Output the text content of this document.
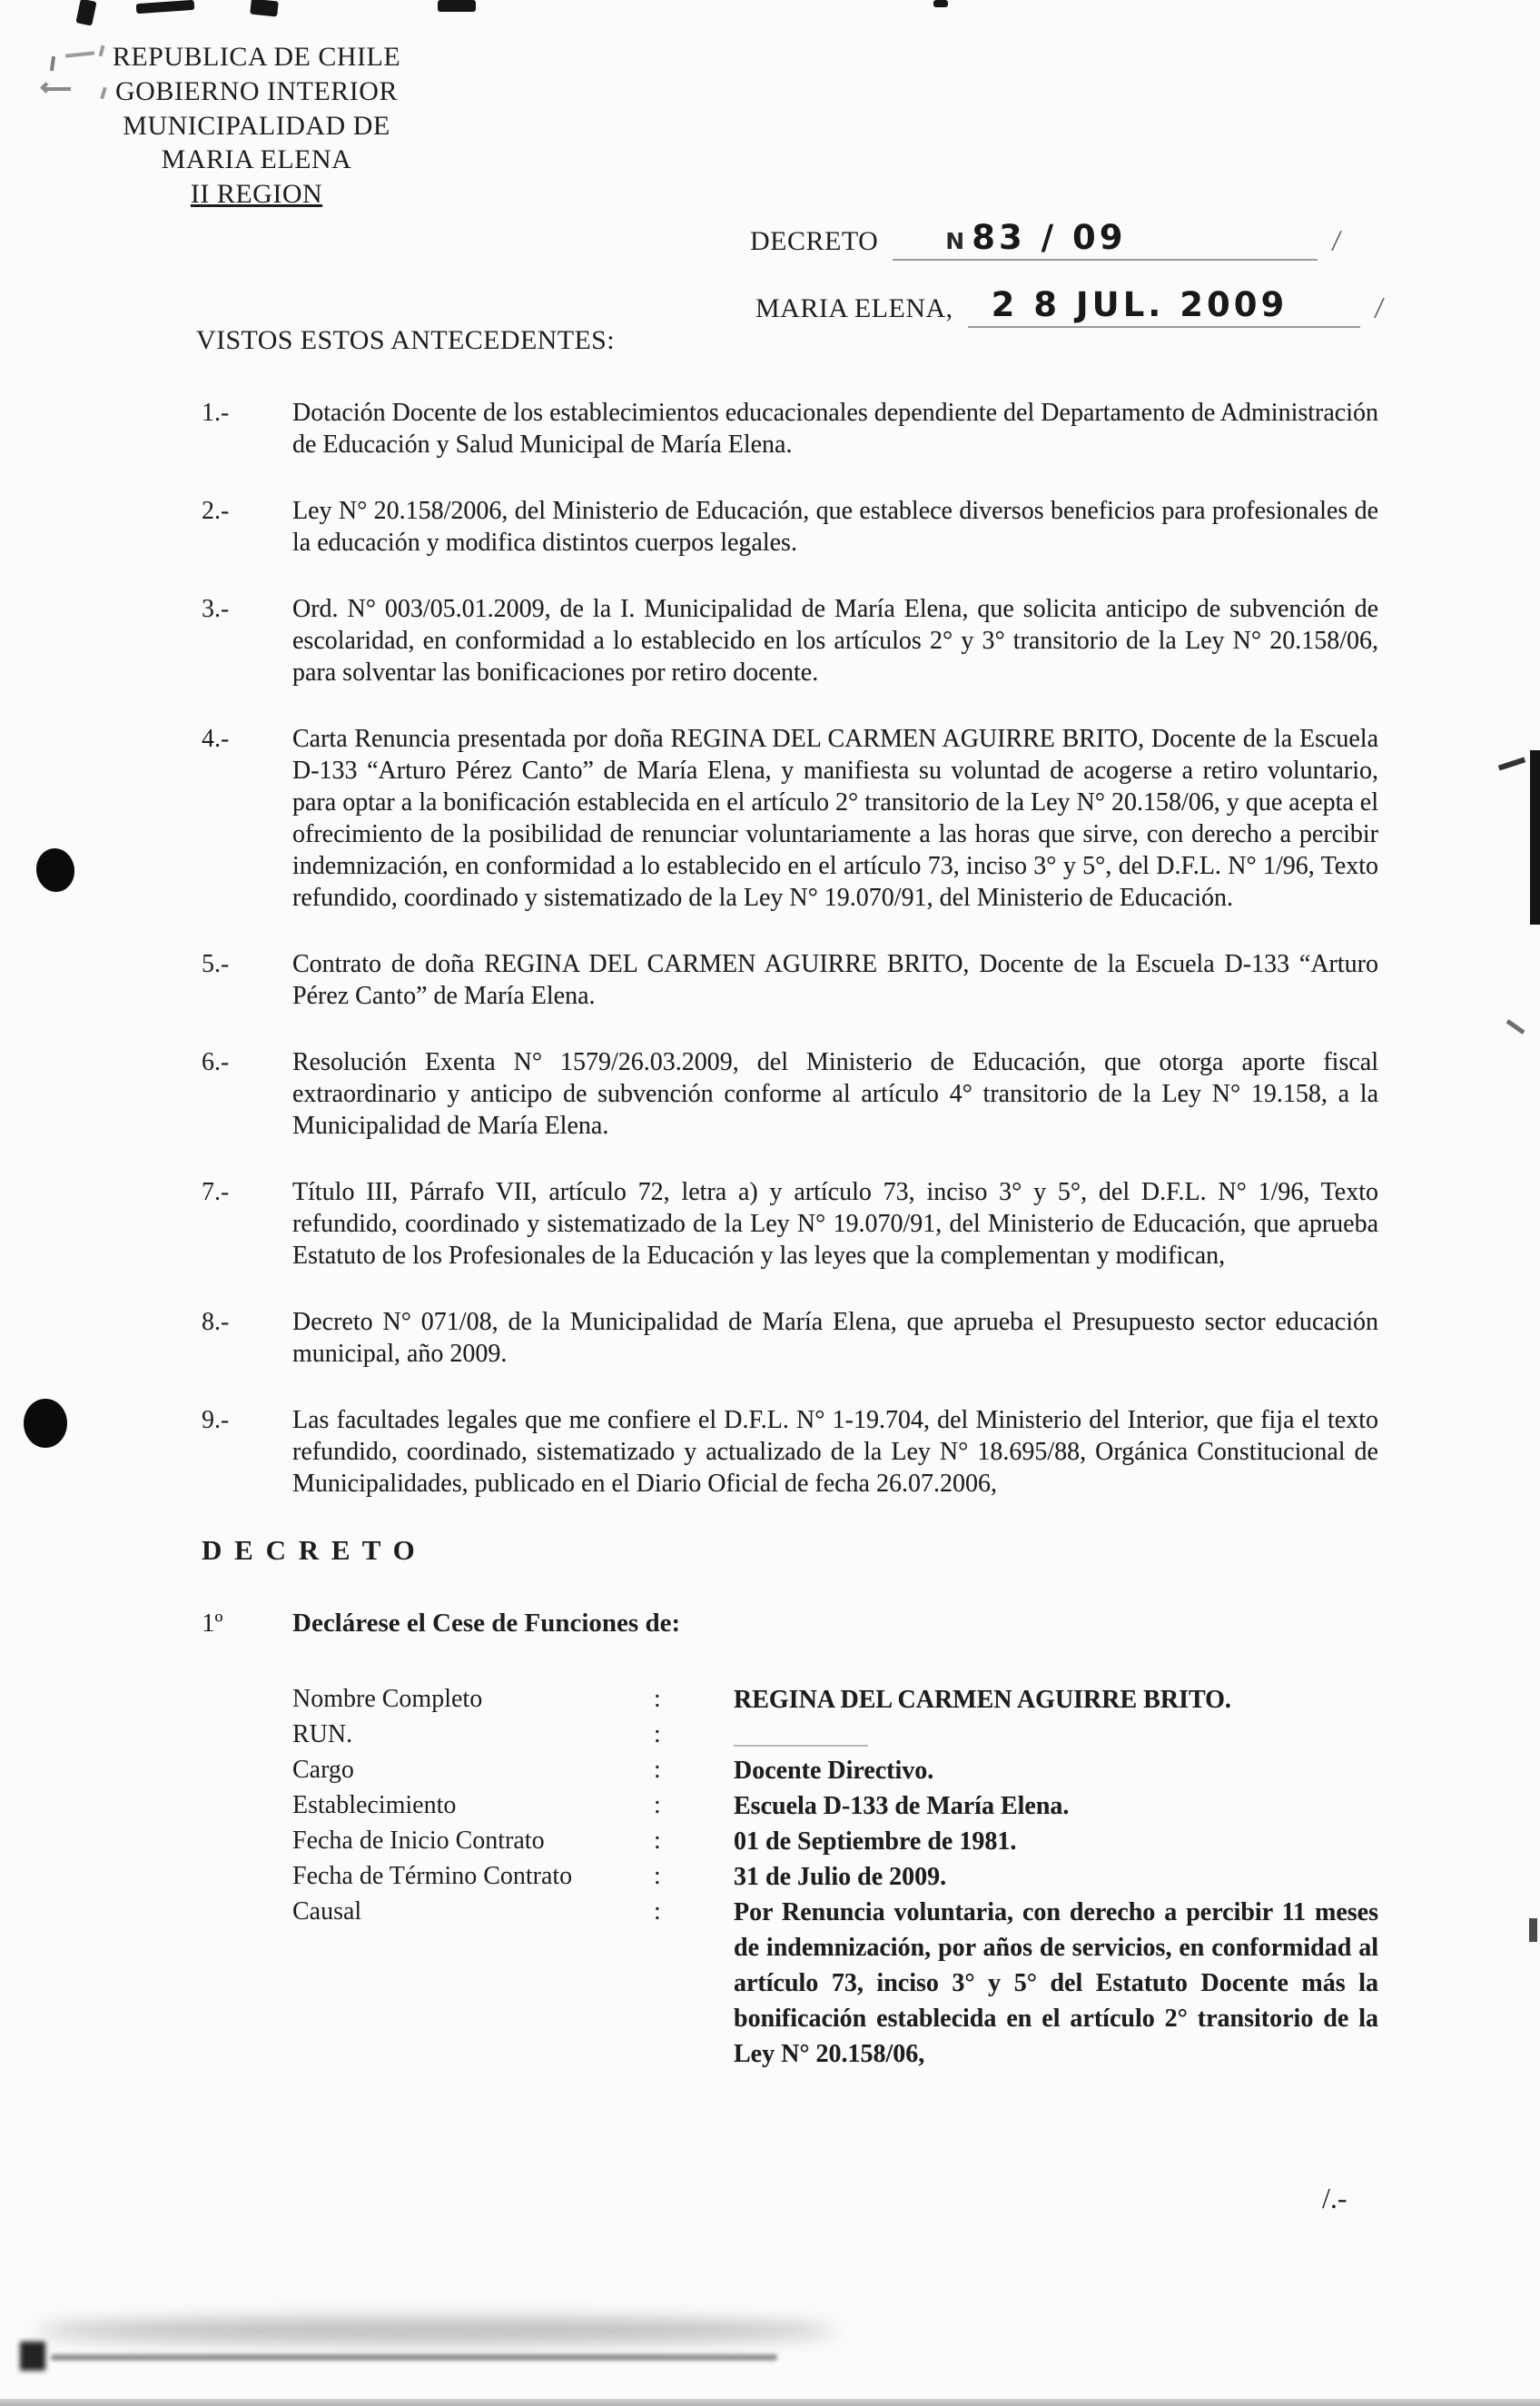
REPUBLICA DE CHILE
GOBIERNO INTERIOR
MUNICIPALIDAD DE
MARIA ELENA
II REGION
DECRETO	N 83 / 09	/
MARIA ELENA,	2 8 JUL. 2009	/
VISTOS ESTOS ANTECEDENTES:
1.-	Dotación Docente de los establecimientos educacionales dependiente del Departamento de Administración de Educación y Salud Municipal de María Elena.
2.-	Ley N° 20.158/2006, del Ministerio de Educación, que establece diversos beneficios para profesionales de la educación y modifica distintos cuerpos legales.
3.-	Ord. N° 003/05.01.2009, de la I. Municipalidad de María Elena, que solicita anticipo de subvención de escolaridad, en conformidad a lo establecido en los artículos 2° y 3° transitorio de la Ley N° 20.158/06, para solventar las bonificaciones por retiro docente.
4.-	Carta Renuncia presentada por doña REGINA DEL CARMEN AGUIRRE BRITO, Docente de la Escuela D-133 “Arturo Pérez Canto” de María Elena, y manifiesta su voluntad de acogerse a retiro voluntario, para optar a la bonificación establecida en el artículo 2° transitorio de la Ley N° 20.158/06, y que acepta el ofrecimiento de la posibilidad de renunciar voluntariamente a las horas que sirve, con derecho a percibir indemnización, en conformidad a lo establecido en el artículo 73, inciso 3° y 5°, del D.F.L. N° 1/96, Texto refundido, coordinado y sistematizado de la Ley N° 19.070/91, del Ministerio de Educación.
5.-	Contrato de doña REGINA DEL CARMEN AGUIRRE BRITO, Docente de la Escuela D-133 “Arturo Pérez Canto” de María Elena.
6.-	Resolución Exenta N° 1579/26.03.2009, del Ministerio de Educación, que otorga aporte fiscal extraordinario y anticipo de subvención conforme al artículo 4° transitorio de la Ley N° 19.158, a la Municipalidad de María Elena.
7.-	Título III, Párrafo VII, artículo 72, letra a) y artículo 73, inciso 3° y 5°, del D.F.L. N° 1/96, Texto refundido, coordinado y sistematizado de la Ley N° 19.070/91, del Ministerio de Educación, que aprueba Estatuto de los Profesionales de la Educación y las leyes que la complementan y modifican,
8.-	Decreto N° 071/08, de la Municipalidad de María Elena, que aprueba el Presupuesto sector educación municipal, año 2009.
9.-	Las facultades legales que me confiere el D.F.L. N° 1-19.704, del Ministerio del Interior, que fija el texto refundido, coordinado, sistematizado y actualizado de la Ley N° 18.695/88, Orgánica Constitucional de Municipalidades, publicado en el Diario Oficial de fecha 26.07.2006,
D E C R E T O
1º	Declárese el Cese de Funciones de:
Nombre Completo	:	REGINA DEL CARMEN AGUIRRE BRITO.
RUN.	:
Cargo	:	Docente Directivo.
Establecimiento	:	Escuela D-133 de María Elena.
Fecha de Inicio Contrato	:	01 de Septiembre de 1981.
Fecha de Término Contrato	:	31 de Julio de 2009.
Causal	:	Por Renuncia voluntaria, con derecho a percibir 11 meses de indemnización, por años de servicios, en conformidad al artículo 73, inciso 3° y 5° del Estatuto Docente más la bonificación establecida en el artículo 2° transitorio de la Ley N° 20.158/06,
/.-
